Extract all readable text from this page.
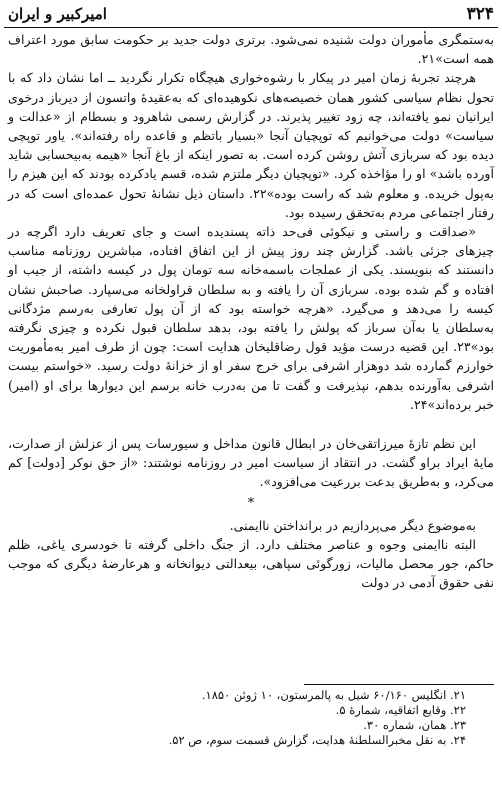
۳۲۴
امیرکبیر و ایران

به‌ستمگری مأموران دولت شنیده نمی‌شود. برتری دولت جدید بر حکومت سابق مورد اعتراف همه است»۲۱.

هرچند تجربهٔ زمان امیر در پیکار با رشوه‌خواری هیچگاه تکرار نگردید ــ اما نشان داد که با تحول نظام سیاسی کشور همان خصیصه‌های نکوهیده‌ای که به‌عقیدهٔ واتسون از دیرباز درخوی ایرانیان نمو یافته‌اند، چه زود تغییر پذیرند. در گزارش رسمی شاهرود و بسطام از «عدالت و سیاست» دولت می‌خوانیم که توپچیان آنجا «بسیار باتظم و قاعده راه رفته‌اند». یاور توپچی دیده بود که سربازی آتش روشن کرده است. به تصور اینکه از باغ آنجا «هیمه به‌بیحسابی شاید آورده باشد» او را مؤاخذه کرد. «توپچیان دیگر ملتزم شده، قسم یادکرده بودند که این هیزم را به‌پول خریده. و معلوم شد که راست بوده»۲۲. داستان ذیل نشانهٔ تحول عمده‌ای است که در رفتار اجتماعی مردم به‌تحقق رسیده بود.

«صداقت و راستی و نیکوئی فی‌حد ذاته پسندیده است و جای تعریف دارد اگرچه در چیزهای جزئی باشد. گزارش چند روز پیش از این اتفاق افتاده، مباشرین روزنامه مناسب دانستند که بنویسند. یکی از عملجات باسمه‌خانه سه تومان پول در کیسه داشته، از جیب او افتاده و گم شده بوده. سربازی آن را یافته و به سلطان قراولخانه می‌سپارد. صاحبش نشان کیسه را می‌دهد و می‌گیرد. «هرچه خواسته بود که از آن پول تعارفی به‌رسم مژدگانی به‌سلطان یا به‌آن سرباز که پولش را یافته بود، بدهد سلطان قبول نکرده و چیزی نگرفته بود»۲۳. این قضیه درست مؤید قول رضاقلیخان هدایت است: چون از طرف امیر به‌مأموریت خوارزم گمارده شد دوهزار اشرفی برای خرج سفر او از خزانهٔ دولت رسید. «خواستم بیست اشرفی به‌آورنده بدهم، نپذیرفت و گفت تا من به‌درب خانه برسم این دیوارها برای او (امیر) خبر برده‌اند»۲۴.

این نظم تازهٔ میرزاتقی‌خان در ابطال قانون مداخل و سیورسات پس از عزلش از صدارت، مایهٔ ایراد براو گشت. در انتقاد از سیاست امیر در روزنامه نوشتند: «از حق نوکر [دولت] کم می‌کرد، و به‌طریق بدعت بررعیت می‌افزود».

*

به‌موضوع دیگر می‌پردازیم در برانداختن ناایمنی.

البته ناایمنی وجوه و عناصر مختلف دارد. از جنگ داخلی گرفته تا خودسری یاغی، ظلم حاکم، جور محصل مالیات، زورگوئی سپاهی، بیعدالتی دیوانخانه و هرعارضهٔ دیگری که موجب نفی حقوق آدمی در دولت

۲۱. انگلیس ۶۰/۱۶۰ شیل به پالمرستون، ۱۰ ژوئن ۱۸۵۰.
۲۲. وقایع اتفاقیه، شمارهٔ ۵.
۲۳. همان، شماره ۳۰.
۲۴. به نقل مخبرالسلطنهٔ هدایت، گزارش قسمت سوم، ص ۵۲.
